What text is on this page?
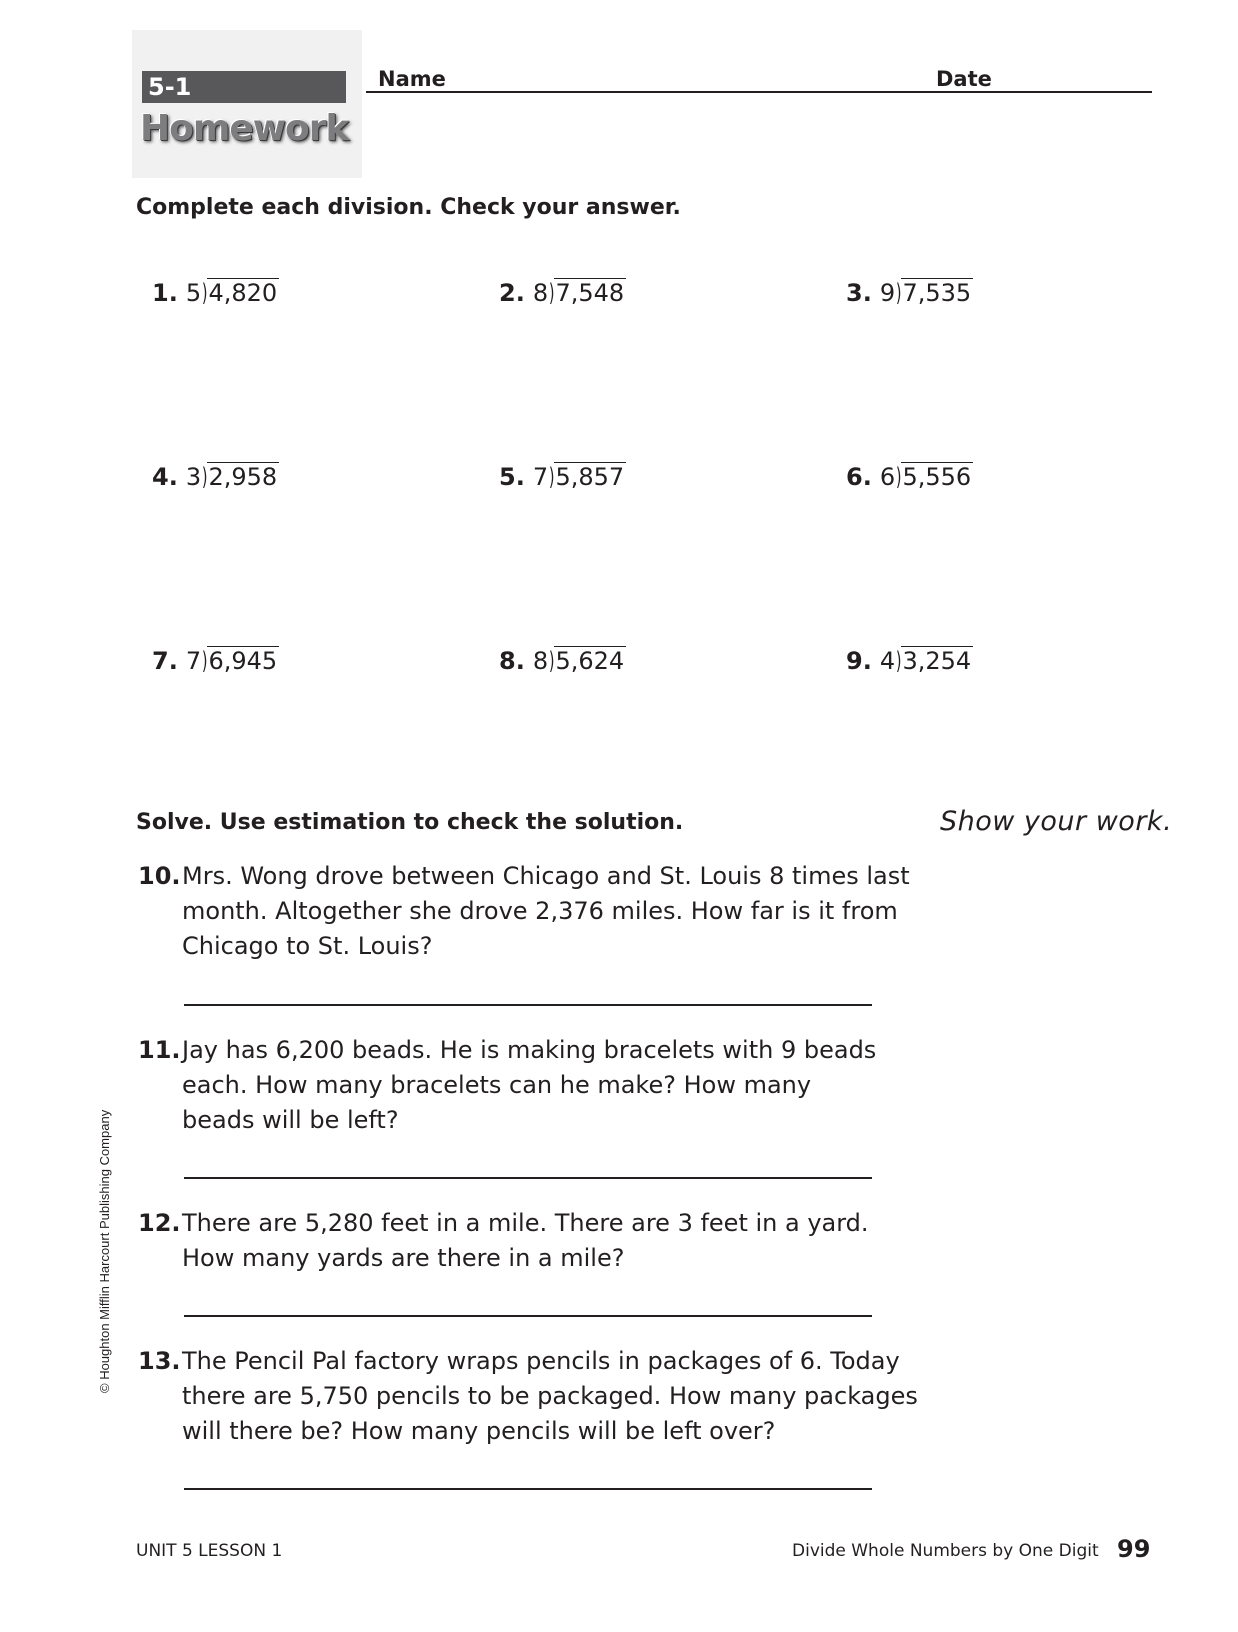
5-1
Homework
Name	Date
Complete each division. Check your answer.
1. 5 ) 4,820	2. 8 ) 7,548	3. 9 ) 7,535
4. 3 ) 2,958	5. 7 ) 5,857	6. 6 ) 5,556
7. 7 ) 6,945	8. 8 ) 5,624	9. 4 ) 3,254
Solve. Use estimation to check the solution.	Show your work.
10. Mrs. Wong drove between Chicago and St. Louis 8 times last
month. Altogether she drove 2,376 miles. How far is it from
Chicago to St. Louis?
11. Jay has 6,200 beads. He is making bracelets with 9 beads
each. How many bracelets can he make? How many
beads will be left?
12. There are 5,280 feet in a mile. There are 3 feet in a yard.
How many yards are there in a mile?
13. The Pencil Pal factory wraps pencils in packages of 6. Today
there are 5,750 pencils to be packaged. How many packages
will there be? How many pencils will be left over?
© Houghton Mifflin Harcourt Publishing Company
UNIT 5 LESSON 1	Divide Whole Numbers by One Digit 99
